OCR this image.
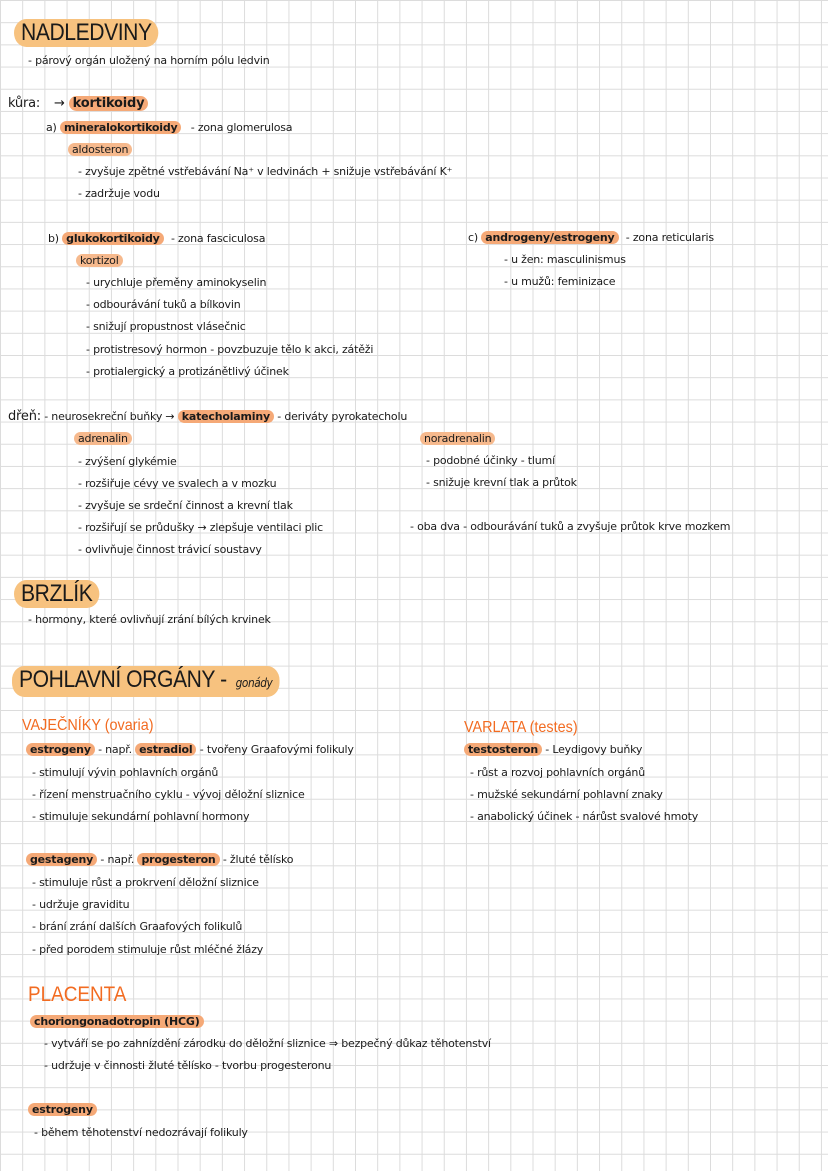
NADLEDVINY
- párový orgán uložený na horním pólu ledvin
kůra: → kortikoidy
a) mineralokortikoidy - zona glomerulosa
aldosteron
- zvyšuje zpětné vstřebávání Na⁺ v ledvinách + snižuje vstřebávání K⁺
- zadržuje vodu
b) glukokortikoidy - zona fasciculosa
kortizol
- urychluje přeměny aminokyselin
- odbourávání tuků a bílkovin
- snižují propustnost vlásečnic
- protistresový hormon - povzbuzuje tělo k akci, zátěži
- protialergický a protizánětlivý účinek
c) androgeny/estrogeny - zona reticularis
- u žen: masculinismus
- u mužů: feminizace
dřeň: - neurosekreční buňky → katecholaminy - deriváty pyrokatecholu
adrenalin
- zvýšení glykémie
- rozšiřuje cévy ve svalech a v mozku
- zvyšuje se srdeční činnost a krevní tlak
- rozšiřují se průdušky → zlepšuje ventilaci plic
- ovlivňuje činnost trávicí soustavy
noradrenalin
- podobné účinky - tlumí
- snižuje krevní tlak a průtok
- oba dva - odbourávání tuků a zvyšuje průtok krve mozkem
BRZLÍK
- hormony, které ovlivňují zrání bílých krvinek
POHLAVNÍ ORGÁNY - gonády
VAJEČNÍKY (ovaria)
estrogeny - např. estradiol - tvořeny Graafovými folikuly
- stimulují vývin pohlavních orgánů
- řízení menstruačního cyklu - vývoj děložní sliznice
- stimuluje sekundární pohlavní hormony
gestageny - např. progesteron - žluté tělísko
- stimuluje růst a prokrvení děložní sliznice
- udržuje graviditu
- brání zrání dalších Graafových folikulů
- před porodem stimuluje růst mléčné žlázy
VARLATA (testes)
testosteron - Leydigovy buňky
- růst a rozvoj pohlavních orgánů
- mužské sekundární pohlavní znaky
- anabolický účinek - nárůst svalové hmoty
PLACENTA
choriongonadotropin (HCG)
- vytváří se po zahnízdění zárodku do děložní sliznice ⇒ bezpečný důkaz těhotenství
- udržuje v činnosti žluté tělísko - tvorbu progesteronu
estrogeny
- během těhotenství nedozrávají folikuly
